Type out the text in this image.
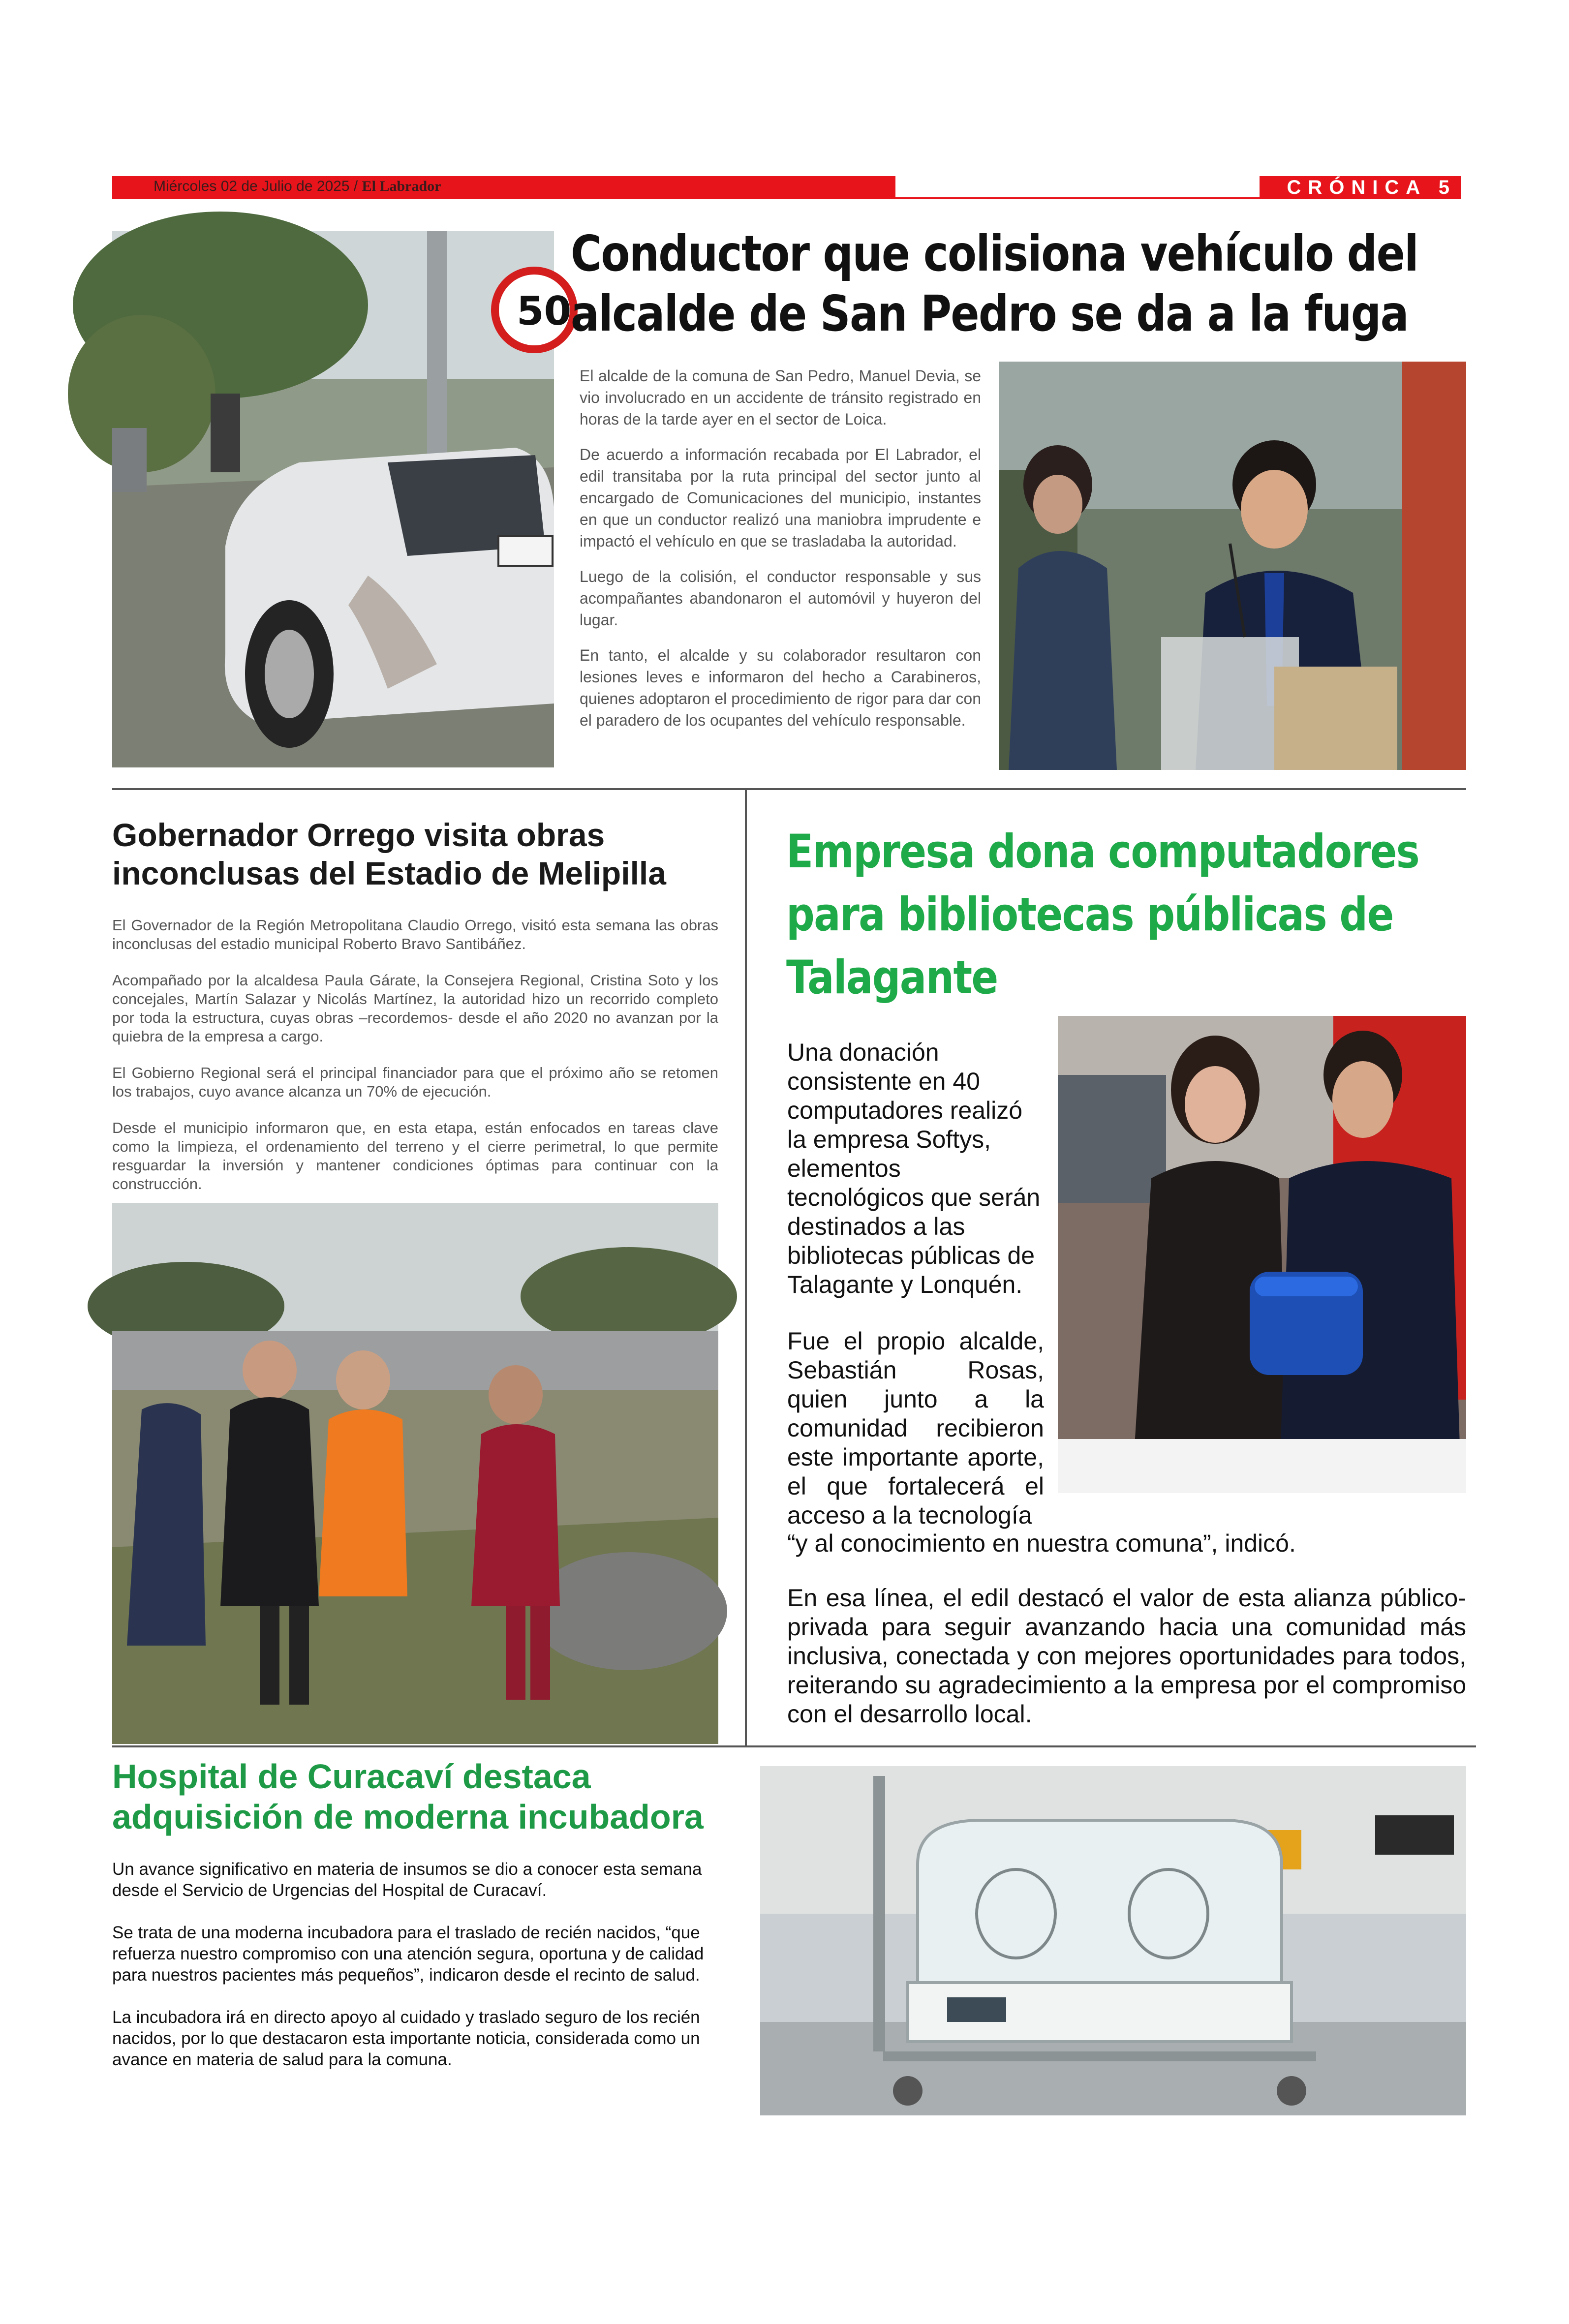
Miércoles 02 de Julio de 2025 / El Labrador	CRÓNICA 5
50
Conductor que colisiona vehículo del
alcalde de San Pedro se da a la fuga

El alcalde de la comuna de San Pedro, Manuel Devia, se vio involucrado en un accidente de tránsito registrado en horas de la tarde ayer en el sector de Loica.

De acuerdo a información recabada por El Labrador, el edil transitaba por la ruta principal del sector junto al encargado de Comunicaciones del municipio, instantes en que un conductor realizó una maniobra imprudente e impactó el vehículo en que se trasladaba la autoridad.

Luego de la colisión, el conductor responsable y sus acompañantes abandonaron el automóvil y huyeron del lugar.

En tanto, el alcalde y su colaborador resultaron con lesiones leves e informaron del hecho a Carabineros, quienes adoptaron el procedimiento de rigor para dar con el paradero de los ocupantes del vehículo responsable.

Gobernador Orrego visita obras
inconclusas del Estadio de Melipilla

El Governador de la Región Metropolitana Claudio Orrego, visitó esta semana las obras inconclusas del estadio municipal Roberto Bravo Santibáñez.

Acompañado por la alcaldesa Paula Gárate, la Consejera Regional, Cristina Soto y los concejales, Martín Salazar y Nicolás Martínez, la autoridad hizo un recorrido completo por toda la estructura, cuyas obras –recordemos- desde el año 2020 no avanzan por la quiebra de la empresa a cargo.

El Gobierno Regional será el principal financiador para que el próximo año se retomen los trabajos, cuyo avance alcanza un 70% de ejecución.

Desde el municipio informaron que, en esta etapa, están enfocados en tareas clave como la limpieza, el ordenamiento del terreno y el cierre perimetral, lo que permite resguardar la inversión y mantener condiciones óptimas para continuar con la construcción.

Empresa dona computadores
para bibliotecas públicas de
Talagante

Una donación consistente en 40 computadores realizó la empresa Softys, elementos tecnológicos que serán destinados a las bibliotecas públicas de Talagante y Lonquén.

Fue el propio alcalde, Sebastián Rosas, quien junto a la comunidad recibieron este importante aporte, el que fortalecerá el acceso a la tecnología

“y al conocimiento en nuestra comuna”, indicó.

En esa línea, el edil destacó el valor de esta alianza público-privada para seguir avanzando hacia una comunidad más inclusiva, conectada y con mejores oportunidades para todos, reiterando su agradecimiento a la empresa por el compromiso con el desarrollo local.

Hospital de Curacaví destaca
adquisición de moderna incubadora

Un avance significativo en materia de insumos se dio a conocer esta semana desde el Servicio de Urgencias del Hospital de Curacaví.

Se trata de una moderna incubadora para el traslado de recién nacidos, “que refuerza nuestro compromiso con una atención segura, oportuna y de calidad para nuestros pacientes más pequeños”, indicaron desde el recinto de salud.

La incubadora irá en directo apoyo al cuidado y traslado seguro de los recién nacidos, por lo que destacaron esta importante noticia, considerada como un avance en materia de salud para la comuna.
